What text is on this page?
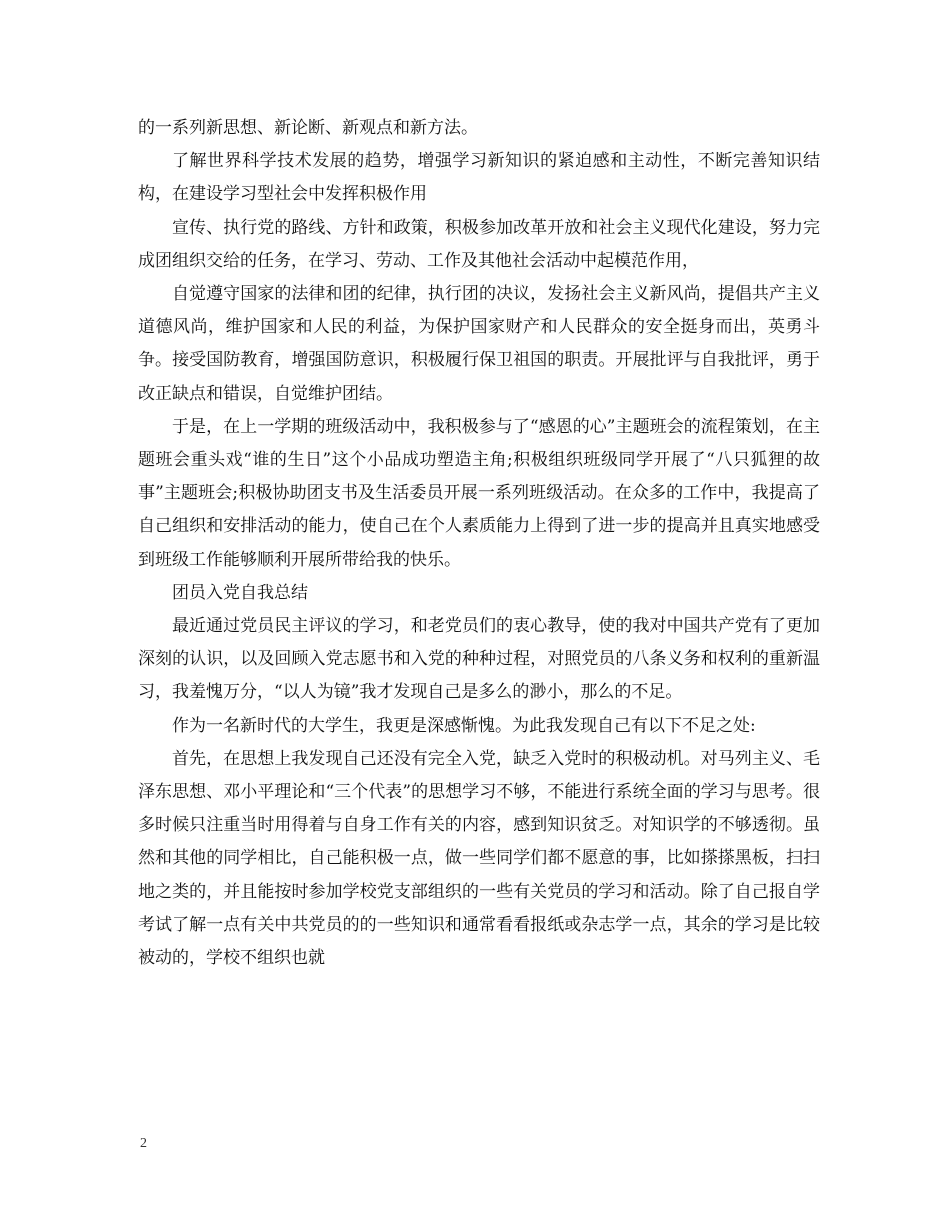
的一系列新思想、新论断、新观点和新方法。

了解世界科学技术发展的趋势，增强学习新知识的紧迫感和主动性，不断完善知识结构，在建设学习型社会中发挥积极作用

宣传、执行党的路线、方针和政策，积极参加改革开放和社会主义现代化建设，努力完成团组织交给的任务，在学习、劳动、工作及其他社会活动中起模范作用，

自觉遵守国家的法律和团的纪律，执行团的决议，发扬社会主义新风尚，提倡共产主义道德风尚，维护国家和人民的利益，为保护国家财产和人民群众的安全挺身而出，英勇斗争。接受国防教育，增强国防意识，积极履行保卫祖国的职责。开展批评与自我批评，勇于改正缺点和错误，自觉维护团结。

于是，在上一学期的班级活动中，我积极参与了“感恩的心”主题班会的流程策划，在主题班会重头戏“谁的生日”这个小品成功塑造主角;积极组织班级同学开展了“八只狐狸的故事”主题班会;积极协助团支书及生活委员开展一系列班级活动。在众多的工作中，我提高了自己组织和安排活动的能力，使自己在个人素质能力上得到了进一步的提高并且真实地感受到班级工作能够顺利开展所带给我的快乐。

团员入党自我总结

最近通过党员民主评议的学习，和老党员们的衷心教导，使的我对中国共产党有了更加深刻的认识，以及回顾入党志愿书和入党的种种过程，对照党员的八条义务和权利的重新温习，我羞愧万分，“以人为镜”我才发现自己是多么的渺小，那么的不足。

作为一名新时代的大学生，我更是深感惭愧。为此我发现自己有以下不足之处:

首先，在思想上我发现自己还没有完全入党，缺乏入党时的积极动机。对马列主义、毛泽东思想、邓小平理论和“三个代表”的思想学习不够，不能进行系统全面的学习与思考。很多时候只注重当时用得着与自身工作有关的内容，感到知识贫乏。对知识学的不够透彻。虽然和其他的同学相比，自己能积极一点，做一些同学们都不愿意的事，比如搽搽黑板，扫扫地之类的，并且能按时参加学校党支部组织的一些有关党员的学习和活动。除了自己报自学考试了解一点有关中共党员的的一些知识和通常看看报纸或杂志学一点，其余的学习是比较被动的，学校不组织也就

2
